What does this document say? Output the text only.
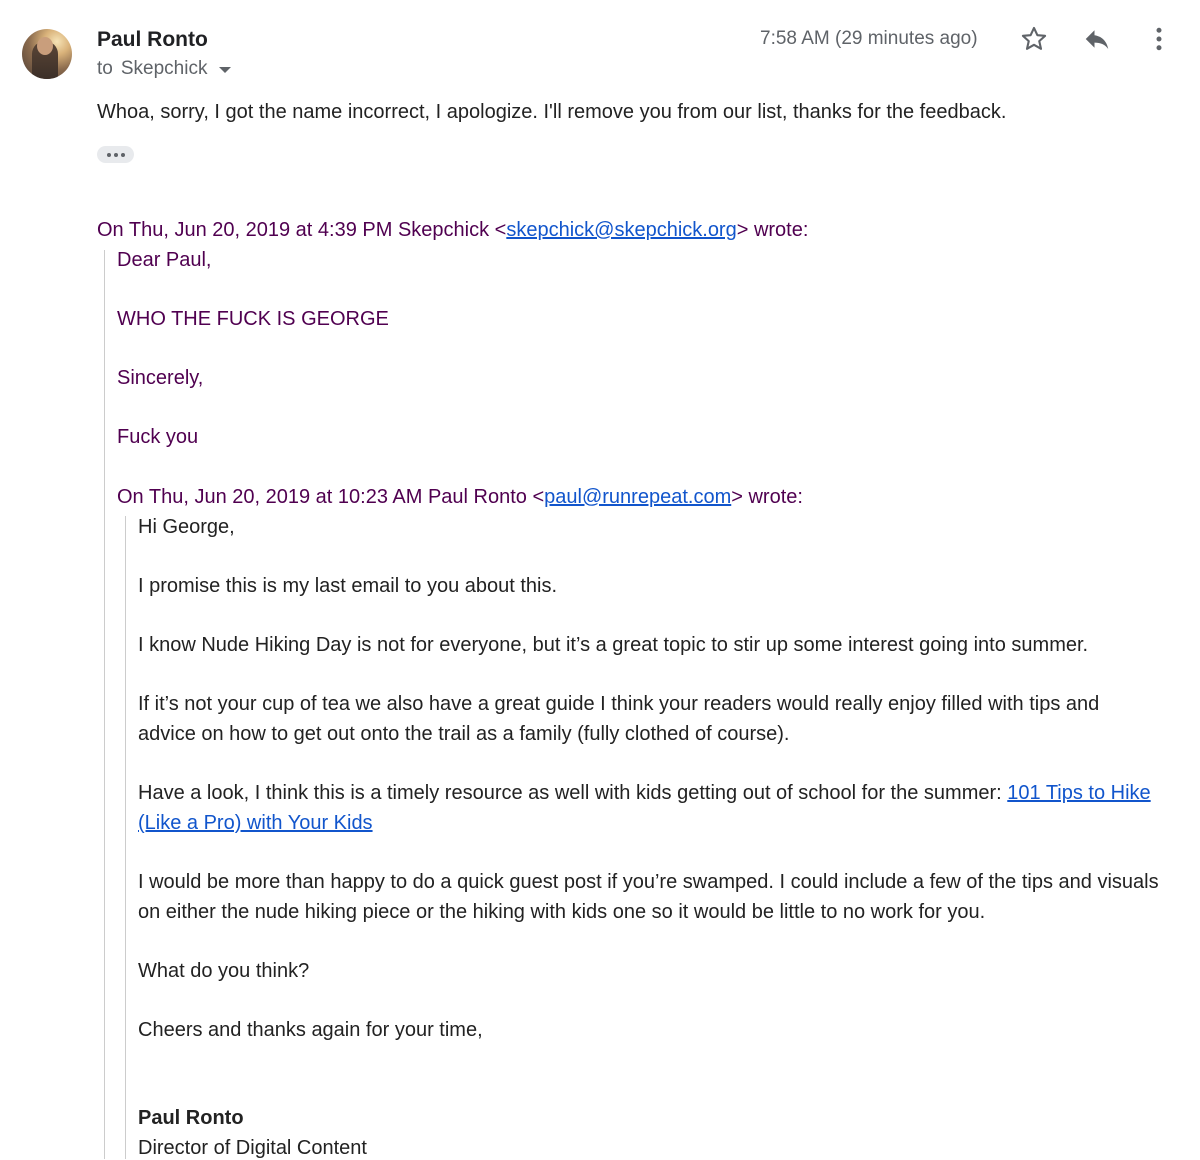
Paul Ronto
to Skepchick
7:58 AM (29 minutes ago)
Whoa, sorry, I got the name incorrect, I apologize. I'll remove you from our list, thanks for the feedback.
On Thu, Jun 20, 2019 at 4:39 PM Skepchick <skepchick@skepchick.org> wrote:
Dear Paul,
WHO THE FUCK IS GEORGE
Sincerely,
Fuck you
On Thu, Jun 20, 2019 at 10:23 AM Paul Ronto <paul@runrepeat.com> wrote:
Hi George,
I promise this is my last email to you about this.
I know Nude Hiking Day is not for everyone, but it’s a great topic to stir up some interest going into summer.
If it’s not your cup of tea we also have a great guide I think your readers would really enjoy filled with tips and
advice on how to get out onto the trail as a family (fully clothed of course).
Have a look, I think this is a timely resource as well with kids getting out of school for the summer: 101 Tips to Hike
(Like a Pro) with Your Kids
I would be more than happy to do a quick guest post if you’re swamped. I could include a few of the tips and visuals
on either the nude hiking piece or the hiking with kids one so it would be little to no work for you.
What do you think?
Cheers and thanks again for your time,
Paul Ronto
Director of Digital Content
